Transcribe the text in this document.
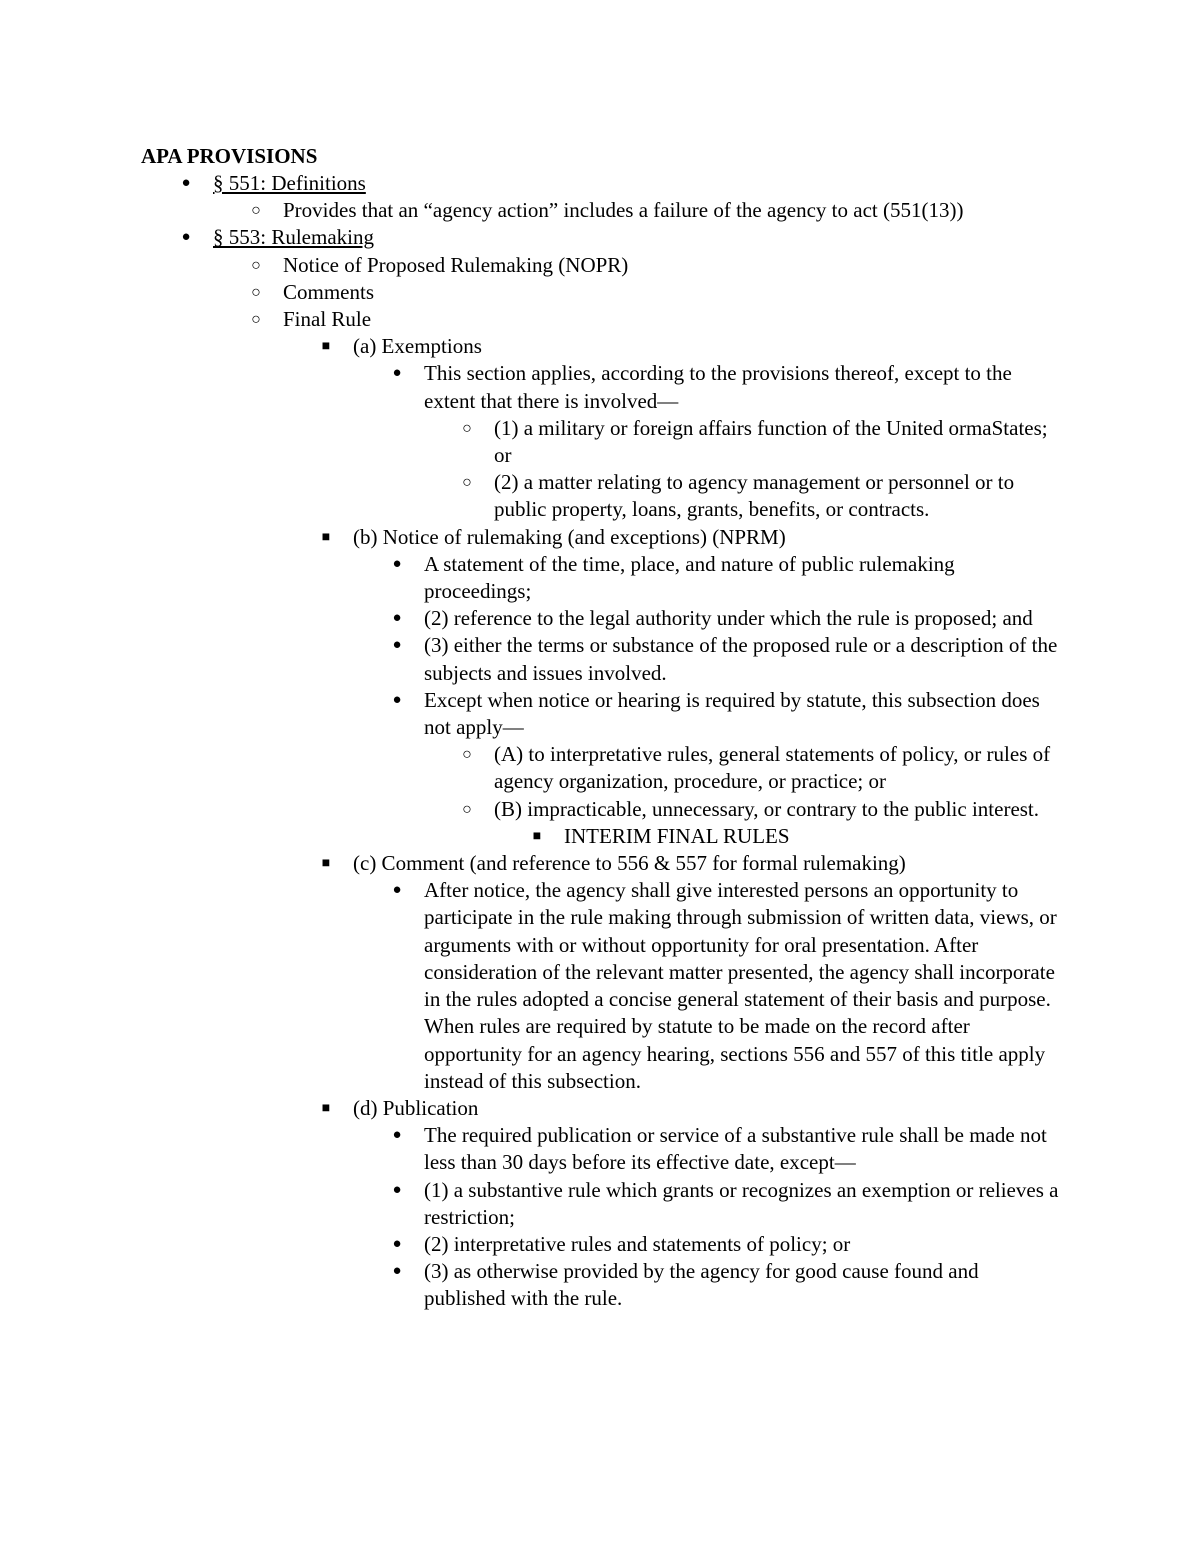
APA PROVISIONS
● § 551: Definitions
○ Provides that an “agency action” includes a failure of the agency to act (551(13))
● § 553: Rulemaking
○ Notice of Proposed Rulemaking (NOPR)
○ Comments
○ Final Rule
■ (a) Exemptions
● This section applies, according to the provisions thereof, except to the extent that there is involved—
○ (1) a military or foreign affairs function of the United ormaStates; or
○ (2) a matter relating to agency management or personnel or to public property, loans, grants, benefits, or contracts.
■ (b) Notice of rulemaking (and exceptions) (NPRM)
● A statement of the time, place, and nature of public rulemaking proceedings;
● (2) reference to the legal authority under which the rule is proposed; and
● (3) either the terms or substance of the proposed rule or a description of the subjects and issues involved.
● Except when notice or hearing is required by statute, this subsection does not apply—
○ (A) to interpretative rules, general statements of policy, or rules of agency organization, procedure, or practice; or
○ (B) impracticable, unnecessary, or contrary to the public interest.
■ INTERIM FINAL RULES
■ (c) Comment (and reference to 556 & 557 for formal rulemaking)
● After notice, the agency shall give interested persons an opportunity to participate in the rule making through submission of written data, views, or arguments with or without opportunity for oral presentation. After consideration of the relevant matter presented, the agency shall incorporate in the rules adopted a concise general statement of their basis and purpose. When rules are required by statute to be made on the record after opportunity for an agency hearing, sections 556 and 557 of this title apply instead of this subsection.
■ (d) Publication
● The required publication or service of a substantive rule shall be made not less than 30 days before its effective date, except—
● (1) a substantive rule which grants or recognizes an exemption or relieves a restriction;
● (2) interpretative rules and statements of policy; or
● (3) as otherwise provided by the agency for good cause found and published with the rule.
